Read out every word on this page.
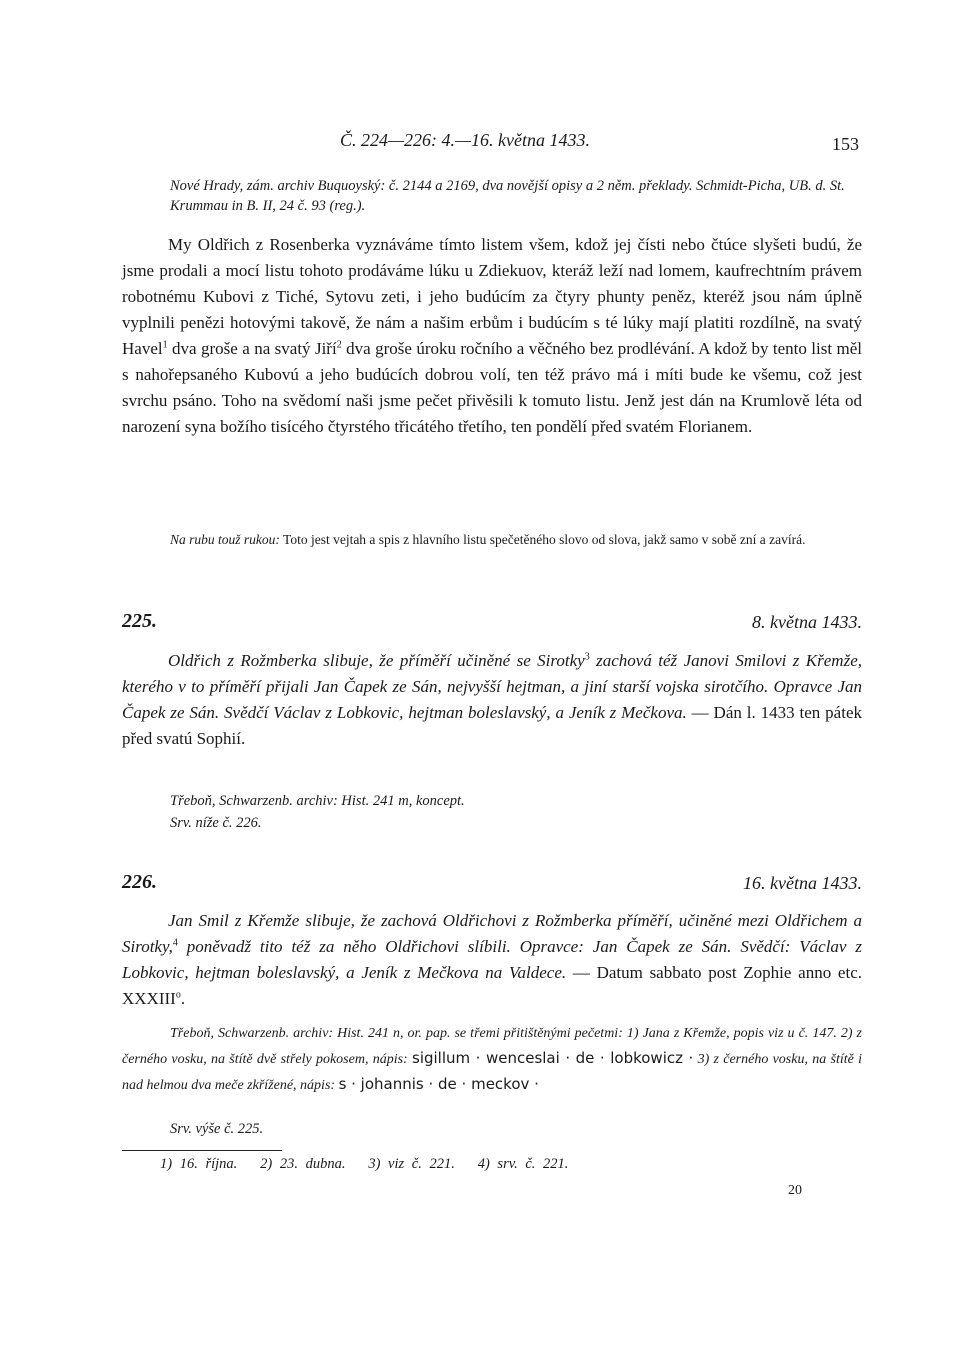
Č. 224—226: 4.—16. května 1433.	153
Nové Hrady, zám. archiv Buquoyský: č. 2144 a 2169, dva novější opisy a 2 něm. překlady. Schmidt-Picha, UB. d. St. Krummau in B. II, 24 č. 93 (reg.).
My Oldřich z Rosenberka vyznáváme tímto listem všem, kdož jej čísti nebo čtúce slyšeti budú, že jsme prodali a mocí listu tohoto prodáváme lúku u Zdiekuov, kteráž leží nad lomem, kaufrechtním právem robotnému Kubovi z Tiché, Sytovu zeti, i jeho budúcím za čtyry phunty peněz, kteréž jsou nám úplně vyplnili penězi hotovými takově, že nám a našim erbům i budúcím s té lúky mají platiti rozdílně, na svatý Havel$^1$ dva groše a na svatý Jiří$^2$ dva groše úroku ročního a věčného bez prodlévání. A kdož by tento list měl s nahořepsaného Kubovú a jeho budúcích dobrou volí, ten též právo má i míti bude ke všemu, což jest svrchu psáno. Toho na svědomí naši jsme pečet přivěsili k tomuto listu. Jenž jest dán na Krumlově léta od narození syna božího tisícého čtyrstého třicátého třetího, ten pondělí před svatém Florianem.
Na rubu touž rukou: Toto jest vejtah a spis z hlavního listu spečetěného slovo od slova, jakž samo v sobě zní a zavírá.
225.	8. května 1433.
Oldřich z Rožmberka slibuje, že příměří učiněné se Sirotky$^3$ zachová též Janovi Smilovi z Křemže, kterého v to příměří přijali Jan Čapek ze Sán, nejvyšší hejtman, a jiní starší vojska sirotčího. Opravce Jan Čapek ze Sán. Svědčí Václav z Lobkovic, hejtman boleslavský, a Jeník z Mečkova. — Dán l. 1433 ten pátek před svatú Sophií.
Třeboň, Schwarzenb. archiv: Hist. 241 m, koncept.
Srv. níže č. 226.
226.	16. května 1433.
Jan Smil z Křemže slibuje, že zachová Oldřichovi z Rožmberka příměří, učiněné mezi Oldřichem a Sirotky,$^4$ poněvadž tito též za něho Oldřichovi slíbili. Opravce: Jan Čapek ze Sán. Svědčí: Václav z Lobkovic, hejtman boleslavský, a Jeník z Mečkova na Valdece. — Datum sabbato post Zophie anno etc. XXXIII$^o$.
Třeboň, Schwarzenb. archiv: Hist. 241 n, or. pap. se třemi přitištěnými pečetmi: 1) Jana z Křemže, popis viz u č. 147. 2) z černého vosku, na štítě dvě střely pokosem, nápis: sigillum · wenceslai · de · lobkowicz · 3) z černého vosku, na štítě i nad helmou dva meče zkřížené, nápis: s · johannis · de · meckov ·
Srv. výše č. 225.
1) 16. října.   2) 23. dubna.   3) viz č. 221.   4) srv. č. 221.
20
